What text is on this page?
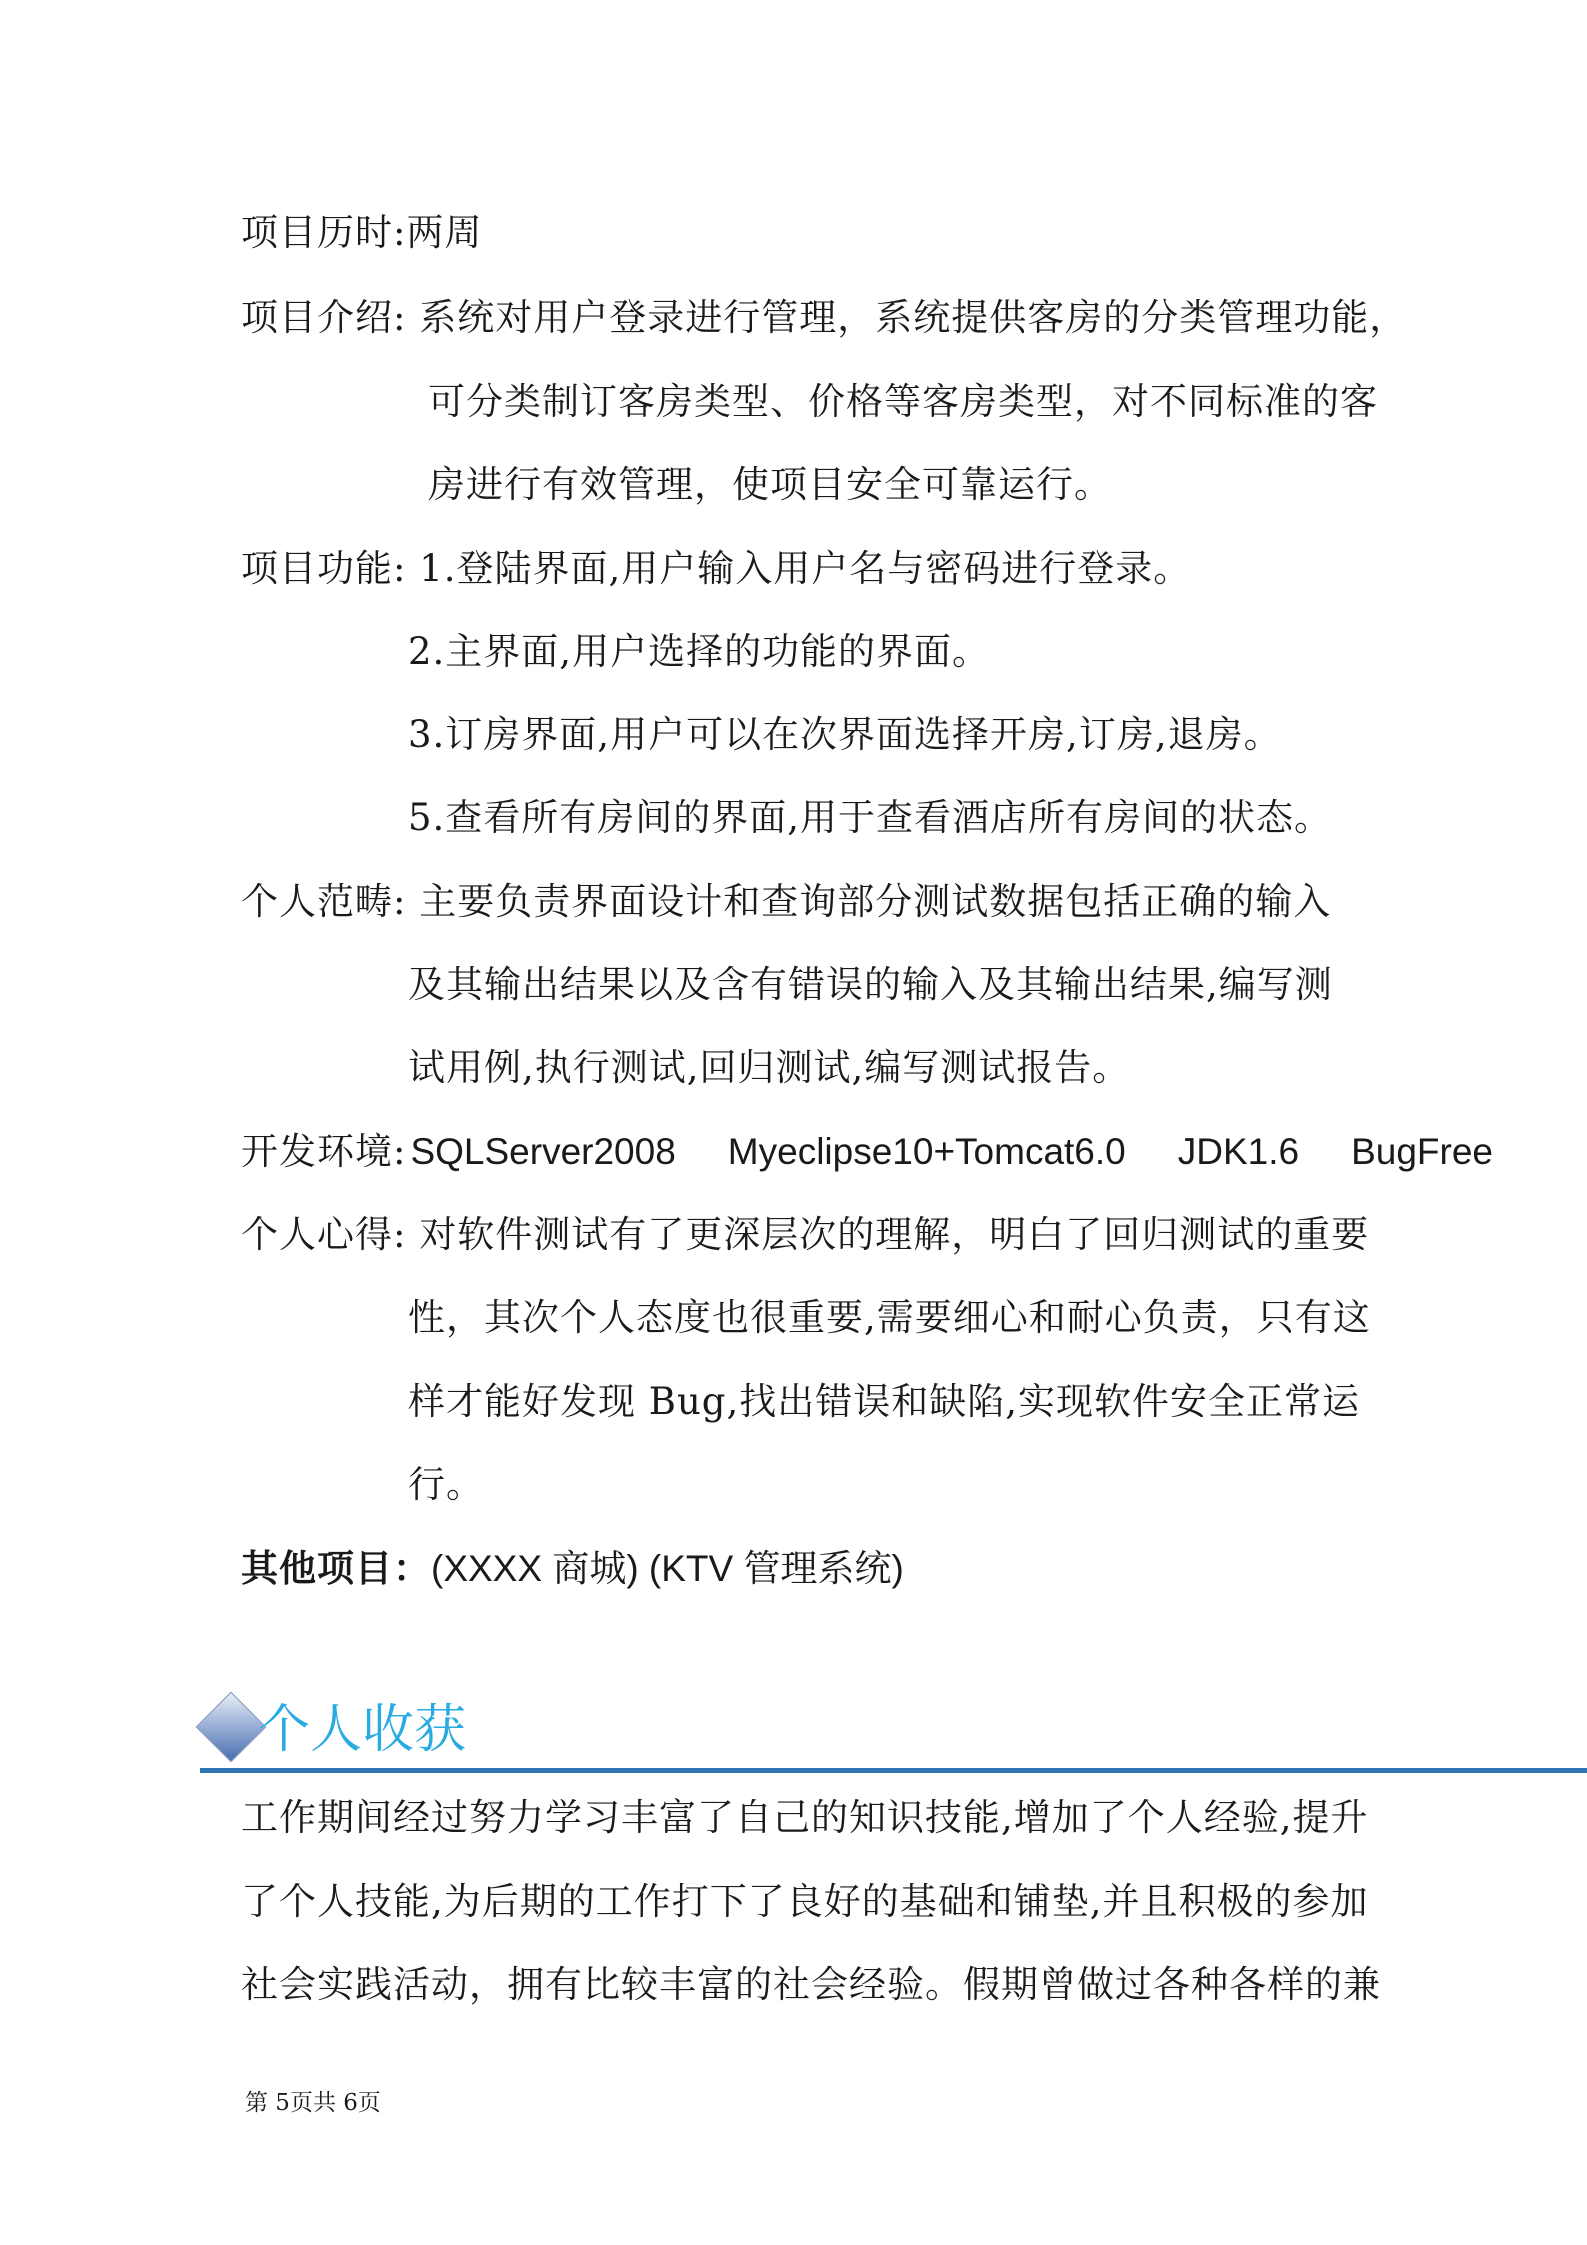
项目历时:两周
项目介绍: 系统对用户登录进行管理，系统提供客房的分类管理功能，
可分类制订客房类型、价格等客房类型，对不同标准的客
房进行有效管理，使项目安全可靠运行。
项目功能: 1.登陆界面,用户输入用户名与密码进行登录。
2.主界面,用户选择的功能的界面。
3.订房界面,用户可以在次界面选择开房,订房,退房。
5.查看所有房间的界面,用于查看酒店所有房间的状态。
个人范畴: 主要负责界面设计和查询部分测试数据包括正确的输入
及其输出结果以及含有错误的输入及其输出结果,编写测
试用例,执行测试,回归测试,编写测试报告。
开发环境: SQLServer2008 Myeclipse10+Tomcat6.0 JDK1.6 BugFree
个人心得: 对软件测试有了更深层次的理解，明白了回归测试的重要
性，其次个人态度也很重要,需要细心和耐心负责，只有这
样才能好发现 Bug,找出错误和缺陷,实现软件安全正常运
行。
其他项目：(XXXX 商城) (KTV 管理系统)
个人收获
工作期间经过努力学习丰富了自己的知识技能,增加了个人经验,提升
了个人技能,为后期的工作打下了良好的基础和铺垫,并且积极的参加
社会实践活动，拥有比较丰富的社会经验。假期曾做过各种各样的兼
第 5页共 6页
